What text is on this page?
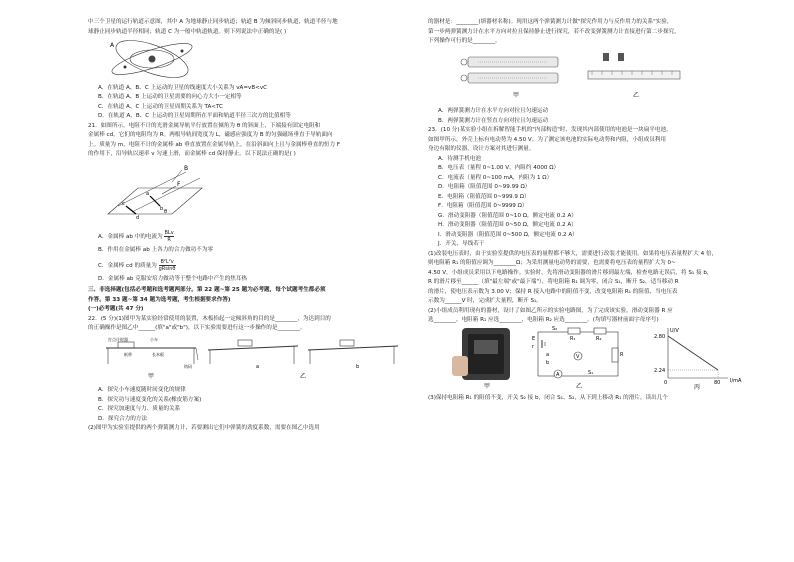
中三个卫星的运行轨道示意图，其中 A 为地球静止同步轨道；轨道 B 为倾斜同步轨道，轨道半径与地

球静止同步轨道半径相同；轨道 C 为一般中轨道轨道。则下列说法中正确的是( )

A

A．在轨道 A、B、C 上运动的卫星的线速度大小关系为 vA=vB<vC

B．在轨道 A、B 上运动的卫星需要的向心力大小一定相等

C．在轨道 A、C 上运动的卫星周期关系为 TA<TC

D．在轨道 A、B、C 上运动的卫星周期所在平面和轨道半径三次方的比值相等

21．如图所示，电阻不计的光滑金属导轨平行放置在倾角为 θ 的斜面上，下端接有固定电阻和

金属棒 cd，它们的电阻均为 R。两根导轨间宽度为 L，磁感应强度为 B 的匀强磁场垂直于导轨面向

上。质量为 m，电阻不计的金属棒 ab 垂直放置在金属导轨上，在沿斜面向上且与金属棒垂直的恒力 F

的作用下，沿导轨以速率 v 匀速上滑，而金属棒 cd 保持静止。以下说法正确的是( )

B
F
a
b
c
d
θ

A．金属棒 ab 中的电流为
BLv
R

B．作用在金属棒 ab 上各力的合力做功不为零

C．金属棒 cd 的质量为 $\frac{\text{B²L²v}}{gRsin\theta}$

D．金属棒 ab 克服安培力做功等于整个电路中产生的焦耳热

三、非选择题(包括必考题和选考题两部分。第 22 题~第 25 题为必考题，每个试题考生都必须

作答。第 33 题~第 34 题为选考题，考生根据要求作答)

(一)必考题(共 47 分)

22．(5 分)(1)图甲为某实验经常使用的装置，木板抬起一定倾斜角的目的是________，为达到目的

的正确操作是图乙中______(填"a"或"b")，以下实验需要进行这一步操作的是________。

打点计时器	小车
长木板
纸带
钩码
甲
a	b
乙

A．探究小车速度随时间变化的规律

B．探究功与速度变化的关系(橡皮筋方案)

C．探究加速度与力、质量的关系

D．探究合力的方法

(2)图甲为实验室提供的两个弹簧测力计，若要测出它们中弹簧的劲度系数，需要在图乙中选用

的器材是：________(填器材名称)。现用这两个弹簧测力计做"探究作用力与反作用力的关系"实验，

第一步两弹簧测力计在水平方向对拉且保持静止进行探究，若不改变弹簧测力计直接进行第二步探究，

下列操作可行的是________。

甲	乙

A．两弹簧测力计在水平方向对拉且匀速运动

B．两弹簧测力计在竖直方向对拉且匀速运动

23．(10 分)某实验小组在拆解智能手机的"内部构造"时，发现其内部使用的电池是一块扁平电池，

如图甲所示，外壳上标有电动势为 4.50 V。为了测定该电池的实际电动势和内阻，小组成员利用

身边有限的仪器，设计方案对其进行测量。

A．待测手机电池

B．电压表（量程 0~1.00 V，内阻约 4000 Ω）

C．电流表（量程 0~100 mA，内阻为 1 Ω）

D．电阻箱（阻值范围 0~99.99 Ω）

E．电阻箱（阻值范围 0~999.9 Ω）

F．电阻箱（阻值范围 0~9999 Ω）

G．滑动变阻器（阻值范围 0~10 Ω，额定电流 0.2 A）

H．滑动变阻器（阻值范围 0~50 Ω，额定电流 0.2 A）

I．滑动变阻器（阻值范围 0~500 Ω，额定电流 0.2 A）

J．开关、导线若干

(1)改装电压表时，由于实验室提供的电压表的量程都不够大，需要进行改装才能使用。如果将电压表量程扩大 4 倍，

则电阻箱 R₁ 的阻值应调为________Ω；为采用测量电动势的需要，也需要将电压表的量程扩大为 0~

4.50 V，小组成员采用以下电路操作。实验时，先将滑动变阻器的滑片移到最左端，检查电路无误后，将 S₁ 接 b，

R 的滑片移至______（填"最左端"或"最下端"），将电阻箱 R₁ 调为零，闭合 S₁，断开 S₂，适当移动 R

的滑片，使电压表示数为 3.00 V；保持 R 接入电路中的阻值不变，改变电阻箱 R₁ 的阻值，当电压表

示数为______V 时，完成扩大量程，断开 S₁。

(2)小组成员利用现有的器材，设计了如图乙所示的实验电路图，为了完成该实验，滑动变阻器 R 应

选________，电阻箱 R₁ 应选________，电阻箱 R₂ 应选________。(均填写器材前面字母序号)

甲
E
r
S₂
R₁	R₂
V
A	S₁
a
b
R
乙
U/V
2.80
2.24
0	80 I/mA
丙

(3)保持电阻箱 R₁ 的阻值不变，开关 S₂ 接 b，闭合 S₁、S₂，从下到上移动 R₁ 的滑片，读出几个
